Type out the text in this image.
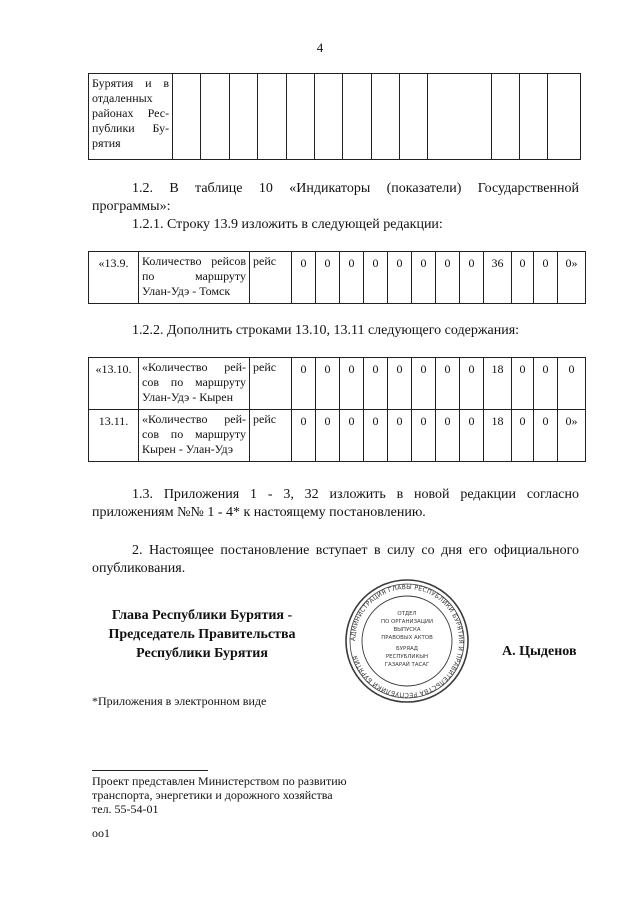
4
Бурятия и в
отдаленных
районах Рес-
публики Бу-

рятия

1.2. В таблице 10 «Индикаторы (показатели) Государственной программы»:
1.2.1. Строку 13.9 изложить в следующей редакции:
«13.9.	Количество рейсов
по маршруту

Улан-Удэ - Томск
	рейс	0	0	0	0	0	0	0	0	36	0	0	0»
1.2.2. Дополнить строками 13.10, 13.11 следующего содержания:
«13.10.	«Количество рей-
сов по маршруту

Улан-Удэ - Кырен	рейс	0	0	0	0	0	0	0	0	18	0	0	0
13.11.	«Количество рей-
сов по маршруту

Кырен - Улан-Удэ	рейс	0	0	0	0	0	0	0	0	18	0	0	0»
1.3. Приложения 1 - 3, 32 изложить в новой редакции согласно приложениям №№ 1 - 4* к настоящему постановлению.
2. Настоящее постановление вступает в силу со дня его официального опубликования.
Глава Республики Бурятия -
Председатель Правительства
Республики Бурятия
АДМИНИСТРАЦИЯ ГЛАВЫ РЕСПУБЛИКИ БУРЯТИЯ И ПРАВИТЕЛЬСТВА РЕСПУБЛИКИ БУРЯТИЯ
ОТДЕЛ
ПО ОРГАНИЗАЦИИ
ВЫПУСКА
ПРАВОВЫХ АКТОВ
БУРЯАД
РЕСПУБЛИКЫН
ГАЗАРАЙ ТАСАГ
А. Цыденов
*Приложения в электронном виде
Проект представлен Министерством по развитию
транспорта, энергетики и дорожного хозяйства
тел. 55-54-01
оо1
